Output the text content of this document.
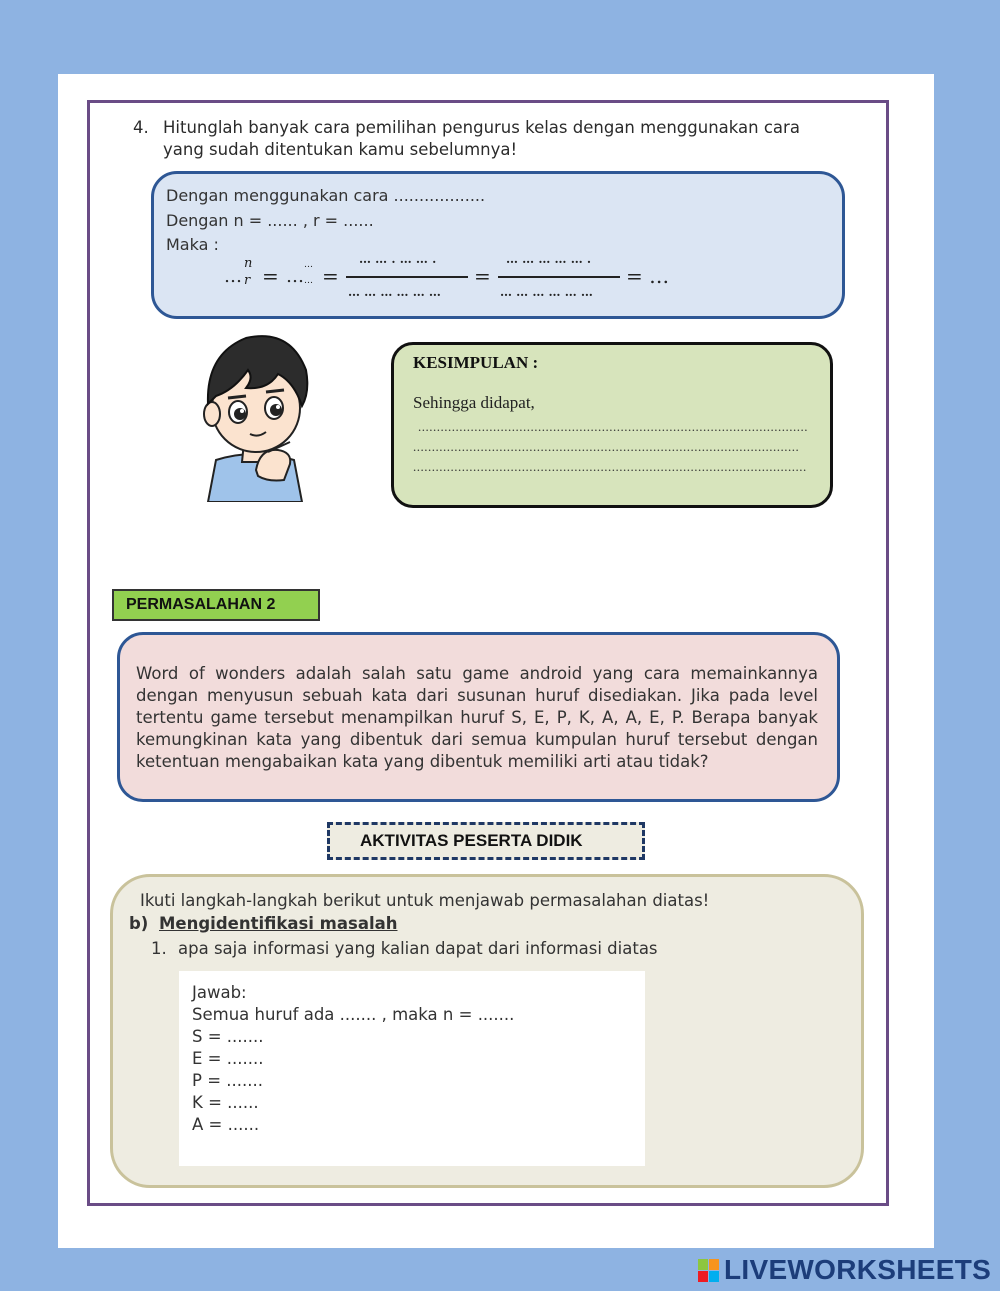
4. Hitunglah banyak cara pemilihan pengurus kelas dengan menggunakan cara yang sudah ditentukan kamu sebelumnya!
Dengan menggunakan cara ..................
Dengan n = ...... , r = ......
Maka :
…
n
r = …
…
… =
… … . … … .
… … … … … …
=
… … … … … .
… … … … … …
= …
KESIMPULAN :
Sehingga didapat,
........................................................................................................
.......................................................................................................
.........................................................................................................
PERMASALAHAN 2
Word of wonders adalah salah satu game android yang cara memainkannya dengan menyusun sebuah kata dari susunan huruf disediakan. Jika pada level tertentu game tersebut menampilkan huruf S, E, P, K, A, A, E, P. Berapa banyak kemungkinan kata yang dibentuk dari semua kumpulan huruf tersebut dengan ketentuan mengabaikan kata yang dibentuk memiliki arti atau tidak?
AKTIVITAS PESERTA DIDIK
Ikuti langkah-langkah berikut untuk menjawab permasalahan diatas!
b) Mengidentifikasi masalah
1. apa saja informasi yang kalian dapat dari informasi diatas
Jawab:
Semua huruf ada ....... , maka n = .......
S = .......
E = .......
P = .......
K = ......
A = ......
LIVEWORKSHEETS
